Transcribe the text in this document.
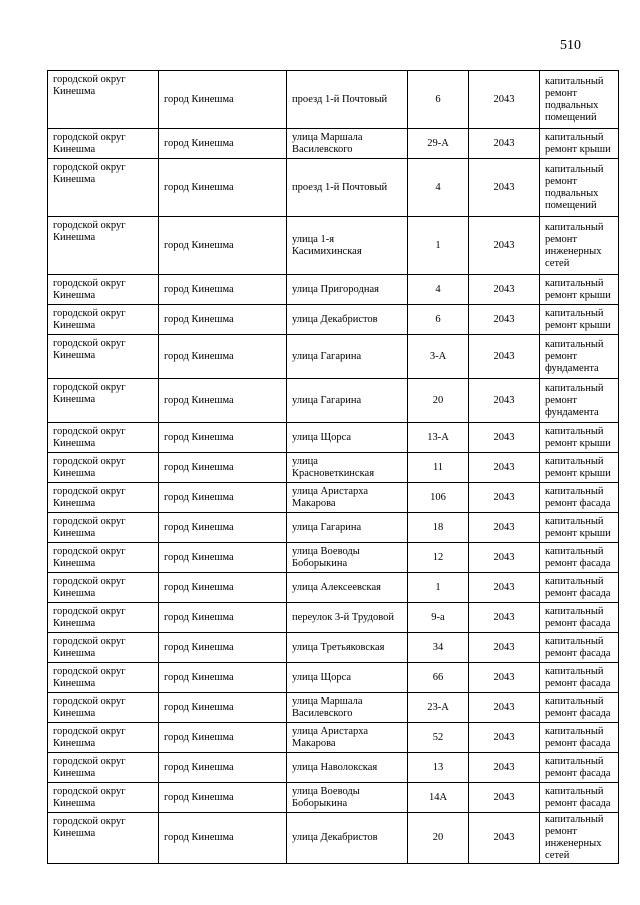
510
городской округ Кинешма	город Кинешма	проезд 1-й Почтовый	6	2043	капитальный ремонт подвальных помещений
городской округ Кинешма	город Кинешма	улица Маршала Василевского	29-А	2043	капитальный ремонт крыши
городской округ Кинешма	город Кинешма	проезд 1-й Почтовый	4	2043	капитальный ремонт подвальных помещений
городской округ Кинешма	город Кинешма	улица 1-я Касимихинская	1	2043	капитальный ремонт инженерных сетей
городской округ Кинешма	город Кинешма	улица Пригородная	4	2043	капитальный ремонт крыши
городской округ Кинешма	город Кинешма	улица Декабристов	6	2043	капитальный ремонт крыши
городской округ Кинешма	город Кинешма	улица Гагарина	3-А	2043	капитальный ремонт фундамента
городской округ Кинешма	город Кинешма	улица Гагарина	20	2043	капитальный ремонт фундамента
городской округ Кинешма	город Кинешма	улица Щорса	13-А	2043	капитальный ремонт крыши
городской округ Кинешма	город Кинешма	улица Красноветкинская	11	2043	капитальный ремонт крыши
городской округ Кинешма	город Кинешма	улица Аристарха Макарова	106	2043	капитальный ремонт фасада
городской округ Кинешма	город Кинешма	улица Гагарина	18	2043	капитальный ремонт крыши
городской округ Кинешма	город Кинешма	улица Воеводы Боборыкина	12	2043	капитальный ремонт фасада
городской округ Кинешма	город Кинешма	улица Алексеевская	1	2043	капитальный ремонт фасада
городской округ Кинешма	город Кинешма	переулок 3-й Трудовой	9-а	2043	капитальный ремонт фасада
городской округ Кинешма	город Кинешма	улица Третьяковская	34	2043	капитальный ремонт фасада
городской округ Кинешма	город Кинешма	улица Щорса	66	2043	капитальный ремонт фасада
городской округ Кинешма	город Кинешма	улица Маршала Василевского	23-А	2043	капитальный ремонт фасада
городской округ Кинешма	город Кинешма	улица Аристарха Макарова	52	2043	капитальный ремонт фасада
городской округ Кинешма	город Кинешма	улица Наволокская	13	2043	капитальный ремонт фасада
городской округ Кинешма	город Кинешма	улица Воеводы Боборыкина	14А	2043	капитальный ремонт фасада
городской округ Кинешма	город Кинешма	улица Декабристов	20	2043	капитальный ремонт инженерных сетей
